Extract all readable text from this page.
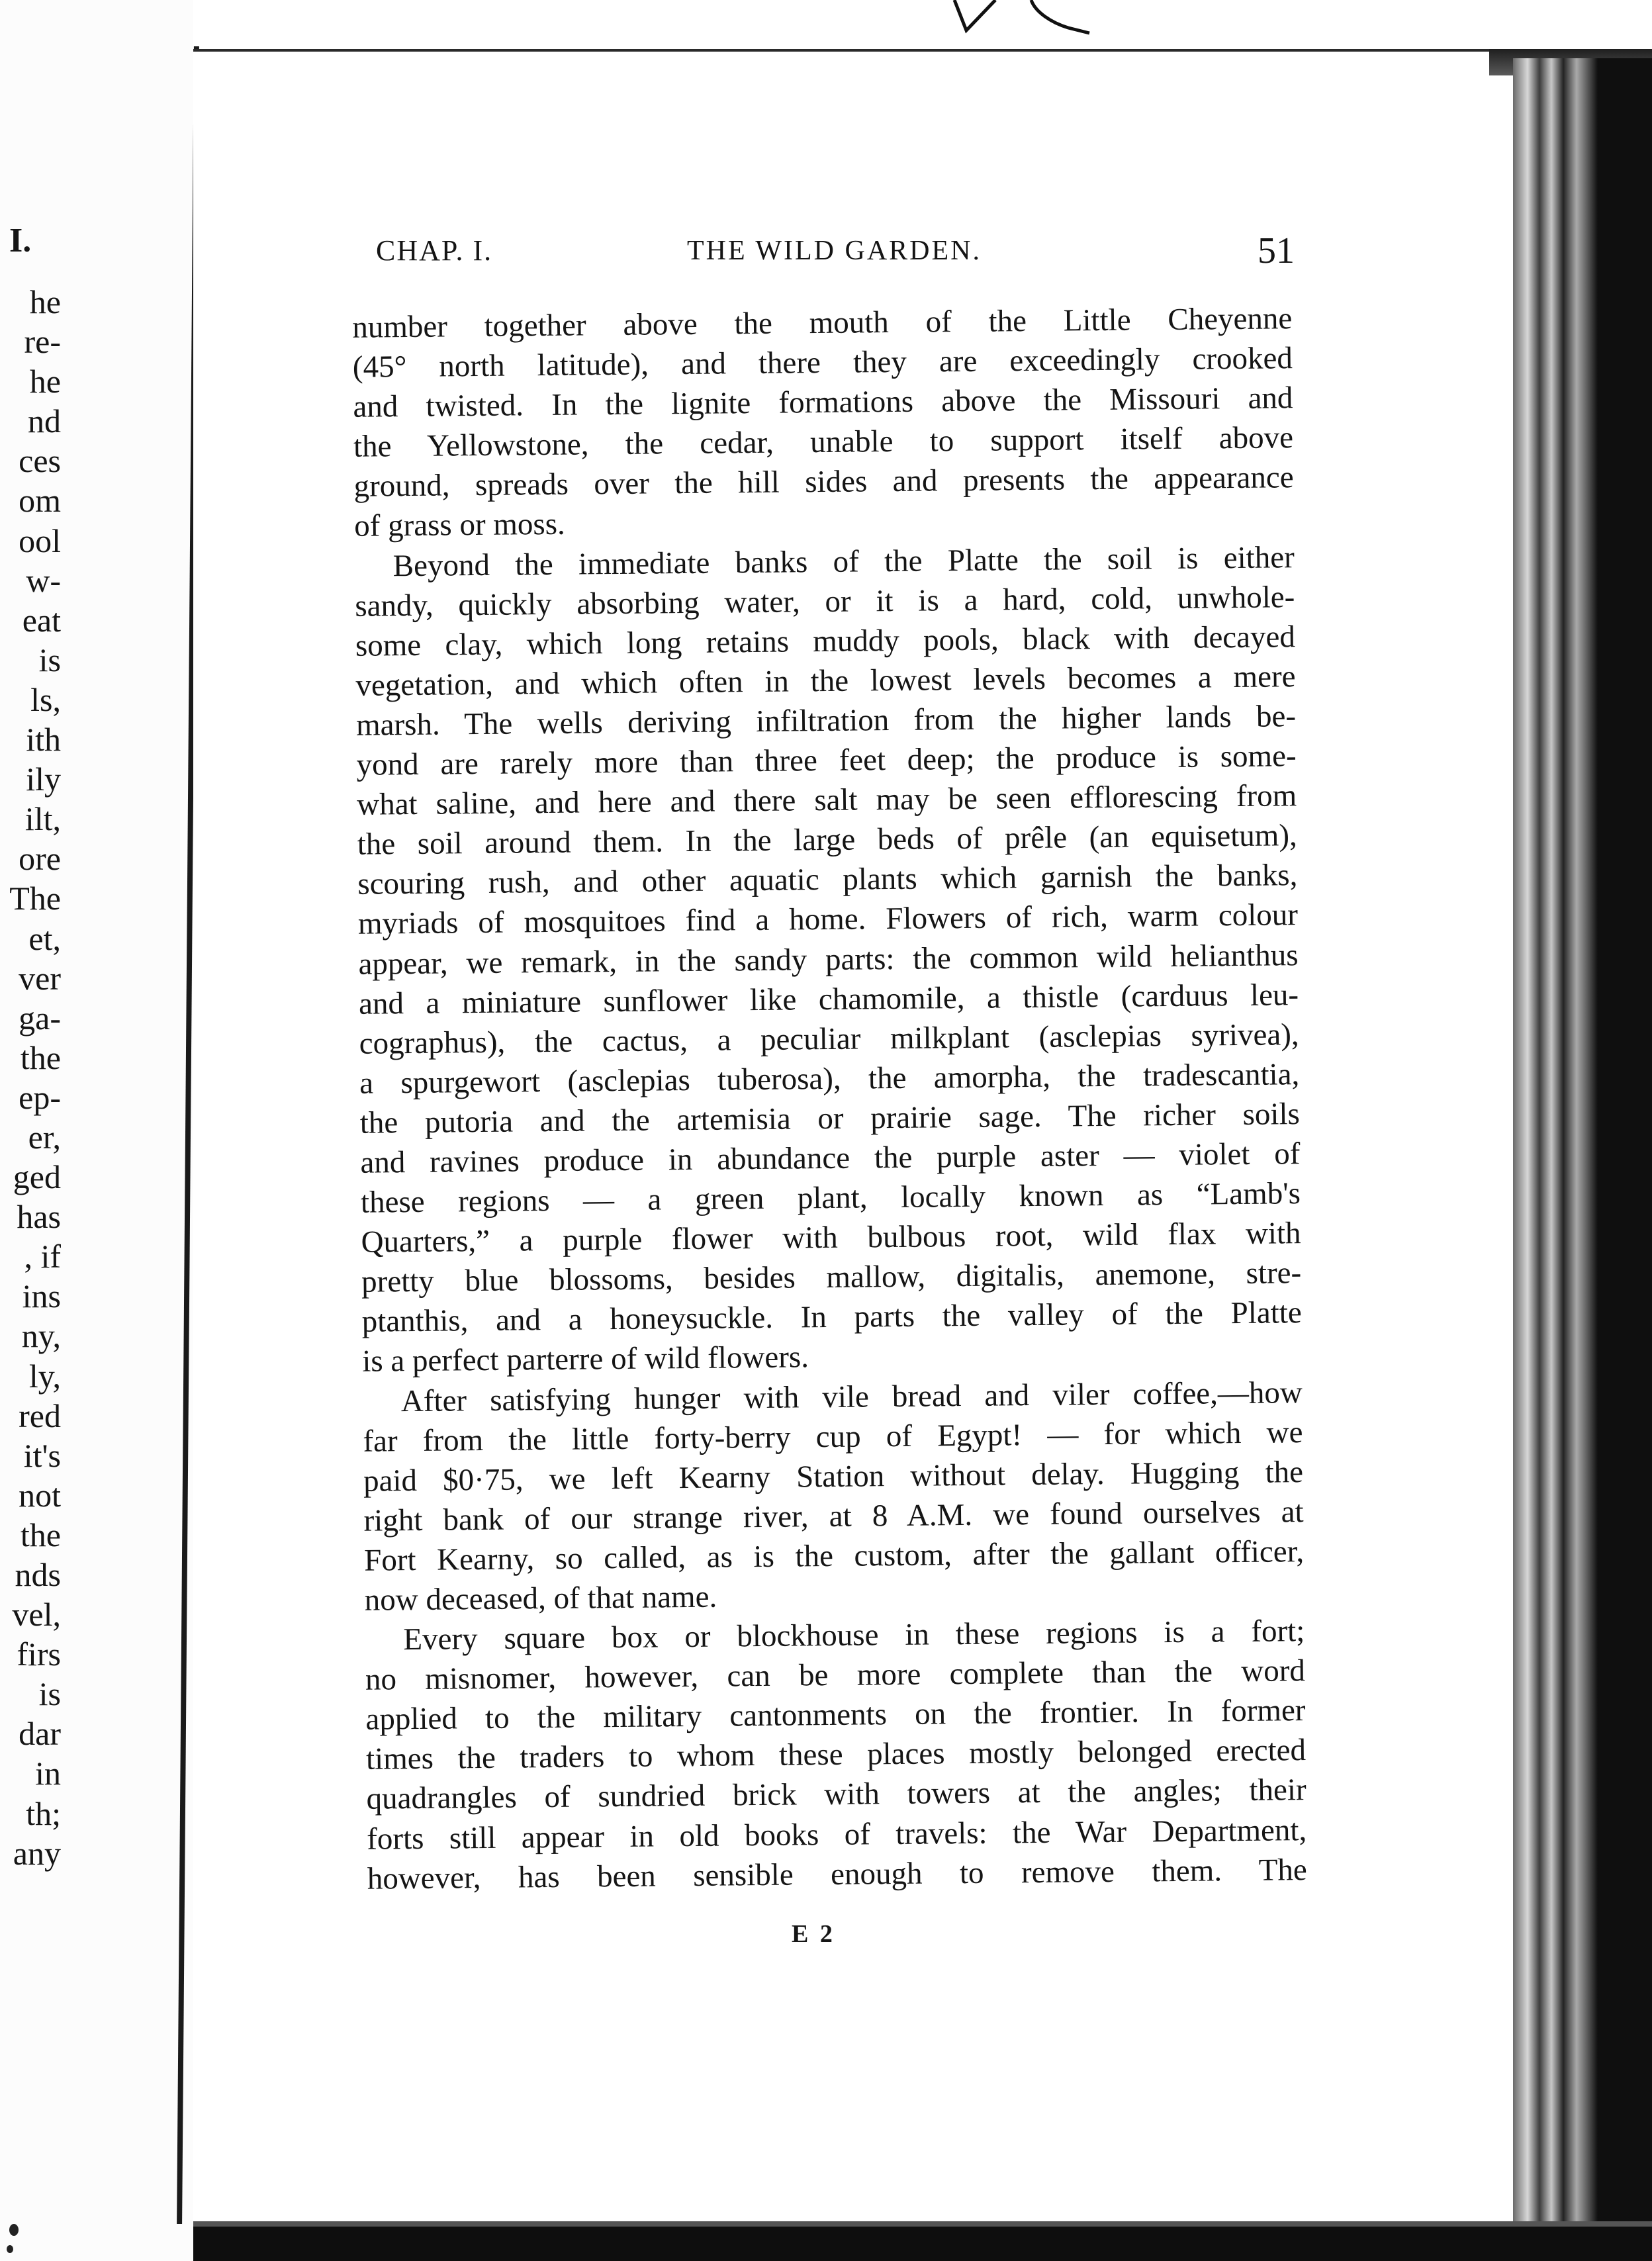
I.
he
re-
he
nd
ces
om
ool
w-
eat
is
ls,
ith
ily
ilt,
ore
The
et,
ver
ga-
the
ep-
er,
ged
has
, if
ins
ny,
ly,
red
it's
not
the
nds
vel,
firs
is
dar
in
th;
any
CHAP. I.	THE WILD GARDEN.	51
number together above the mouth of the Little Cheyenne
(45° north latitude), and there they are exceedingly crooked
and twisted. In the lignite formations above the Missouri and
the Yellowstone, the cedar, unable to support itself above
ground, spreads over the hill sides and presents the appearance
of grass or moss.
Beyond the immediate banks of the Platte the soil is either
sandy, quickly absorbing water, or it is a hard, cold, unwhole-
some clay, which long retains muddy pools, black with decayed
vegetation, and which often in the lowest levels becomes a mere
marsh. The wells deriving infiltration from the higher lands be-
yond are rarely more than three feet deep; the produce is some-
what saline, and here and there salt may be seen efflorescing from
the soil around them. In the large beds of prêle (an equisetum),
scouring rush, and other aquatic plants which garnish the banks,
myriads of mosquitoes find a home. Flowers of rich, warm colour
appear, we remark, in the sandy parts: the common wild helianthus
and a miniature sunflower like chamomile, a thistle (carduus leu-
cographus), the cactus, a peculiar milkplant (asclepias syrivea),
a spurgewort (asclepias tuberosa), the amorpha, the tradescantia,
the putoria and the artemisia or prairie sage. The richer soils
and ravines produce in abundance the purple aster — violet of
these regions — a green plant, locally known as “Lamb's
Quarters,” a purple flower with bulbous root, wild flax with
pretty blue blossoms, besides mallow, digitalis, anemone, stre-
ptanthis, and a honeysuckle. In parts the valley of the Platte
is a perfect parterre of wild flowers.
After satisfying hunger with vile bread and viler coffee,—how
far from the little forty-berry cup of Egypt! — for which we
paid $0·75, we left Kearny Station without delay. Hugging the
right bank of our strange river, at 8 A.M. we found ourselves at
Fort Kearny, so called, as is the custom, after the gallant officer,
now deceased, of that name.
Every square box or blockhouse in these regions is a fort;
no misnomer, however, can be more complete than the word
applied to the military cantonments on the frontier. In former
times the traders to whom these places mostly belonged erected
quadrangles of sundried brick with towers at the angles; their
forts still appear in old books of travels: the War Department,
however, has been sensible enough to remove them. The
E 2
